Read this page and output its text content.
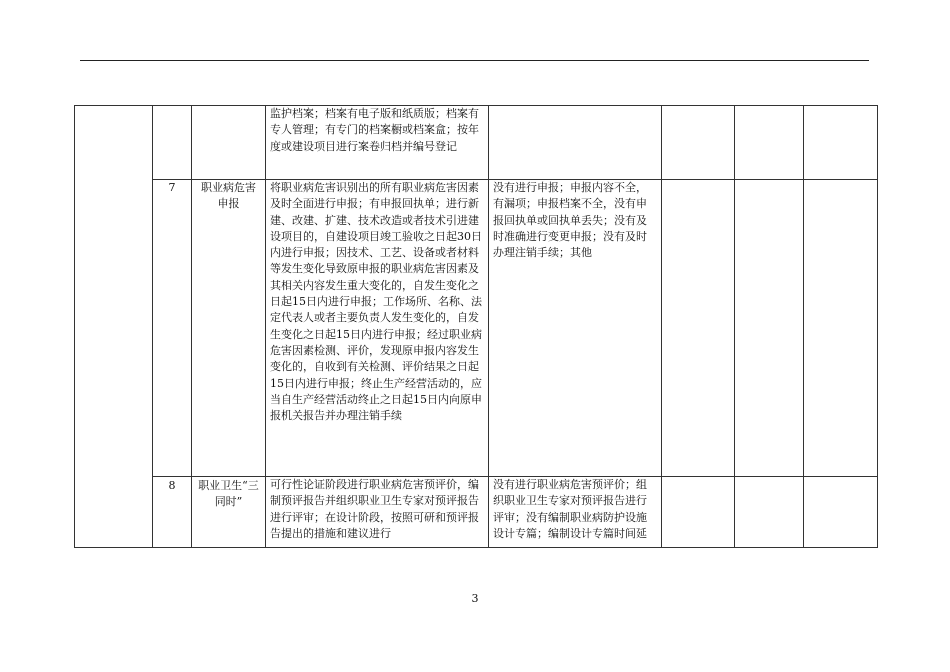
			监护档案；档案有电子版和纸质版；档案有专人管理；有专门的档案橱或档案盒；按年度或建设项目进行案卷归档并编号登记				
	7	职业病危害申报	将职业病危害识别出的所有职业病危害因素及时全面进行申报；有申报回执单；进行新建、改建、扩建、技术改造或者技术引进建设项目的，自建设项目竣工验收之日起30日内进行申报；因技术、工艺、设备或者材料等发生变化导致原申报的职业病危害因素及其相关内容发生重大变化的，自发生变化之日起15日内进行申报；工作场所、名称、法定代表人或者主要负责人发生变化的，自发生变化之日起15日内进行申报；经过职业病危害因素检测、评价，发现原申报内容发生变化的，自收到有关检测、评价结果之日起15日内进行申报；终止生产经营活动的，应当自生产经营活动终止之日起15日内向原申报机关报告并办理注销手续	没有进行申报；申报内容不全，有漏项；申报档案不全，没有申报回执单或回执单丢失；没有及时准确进行变更申报；没有及时办理注销手续；其他			
	8	职业卫生“三同时”	可行性论证阶段进行职业病危害预评价，编制预评报告并组织职业卫生专家对预评报告进行评审；在设计阶段，按照可研和预评报告提出的措施和建议进行	没有进行职业病危害预评价；组织职业卫生专家对预评报告进行评审；没有编制职业病防护设施设计专篇；编制设计专篇时间延			
3
